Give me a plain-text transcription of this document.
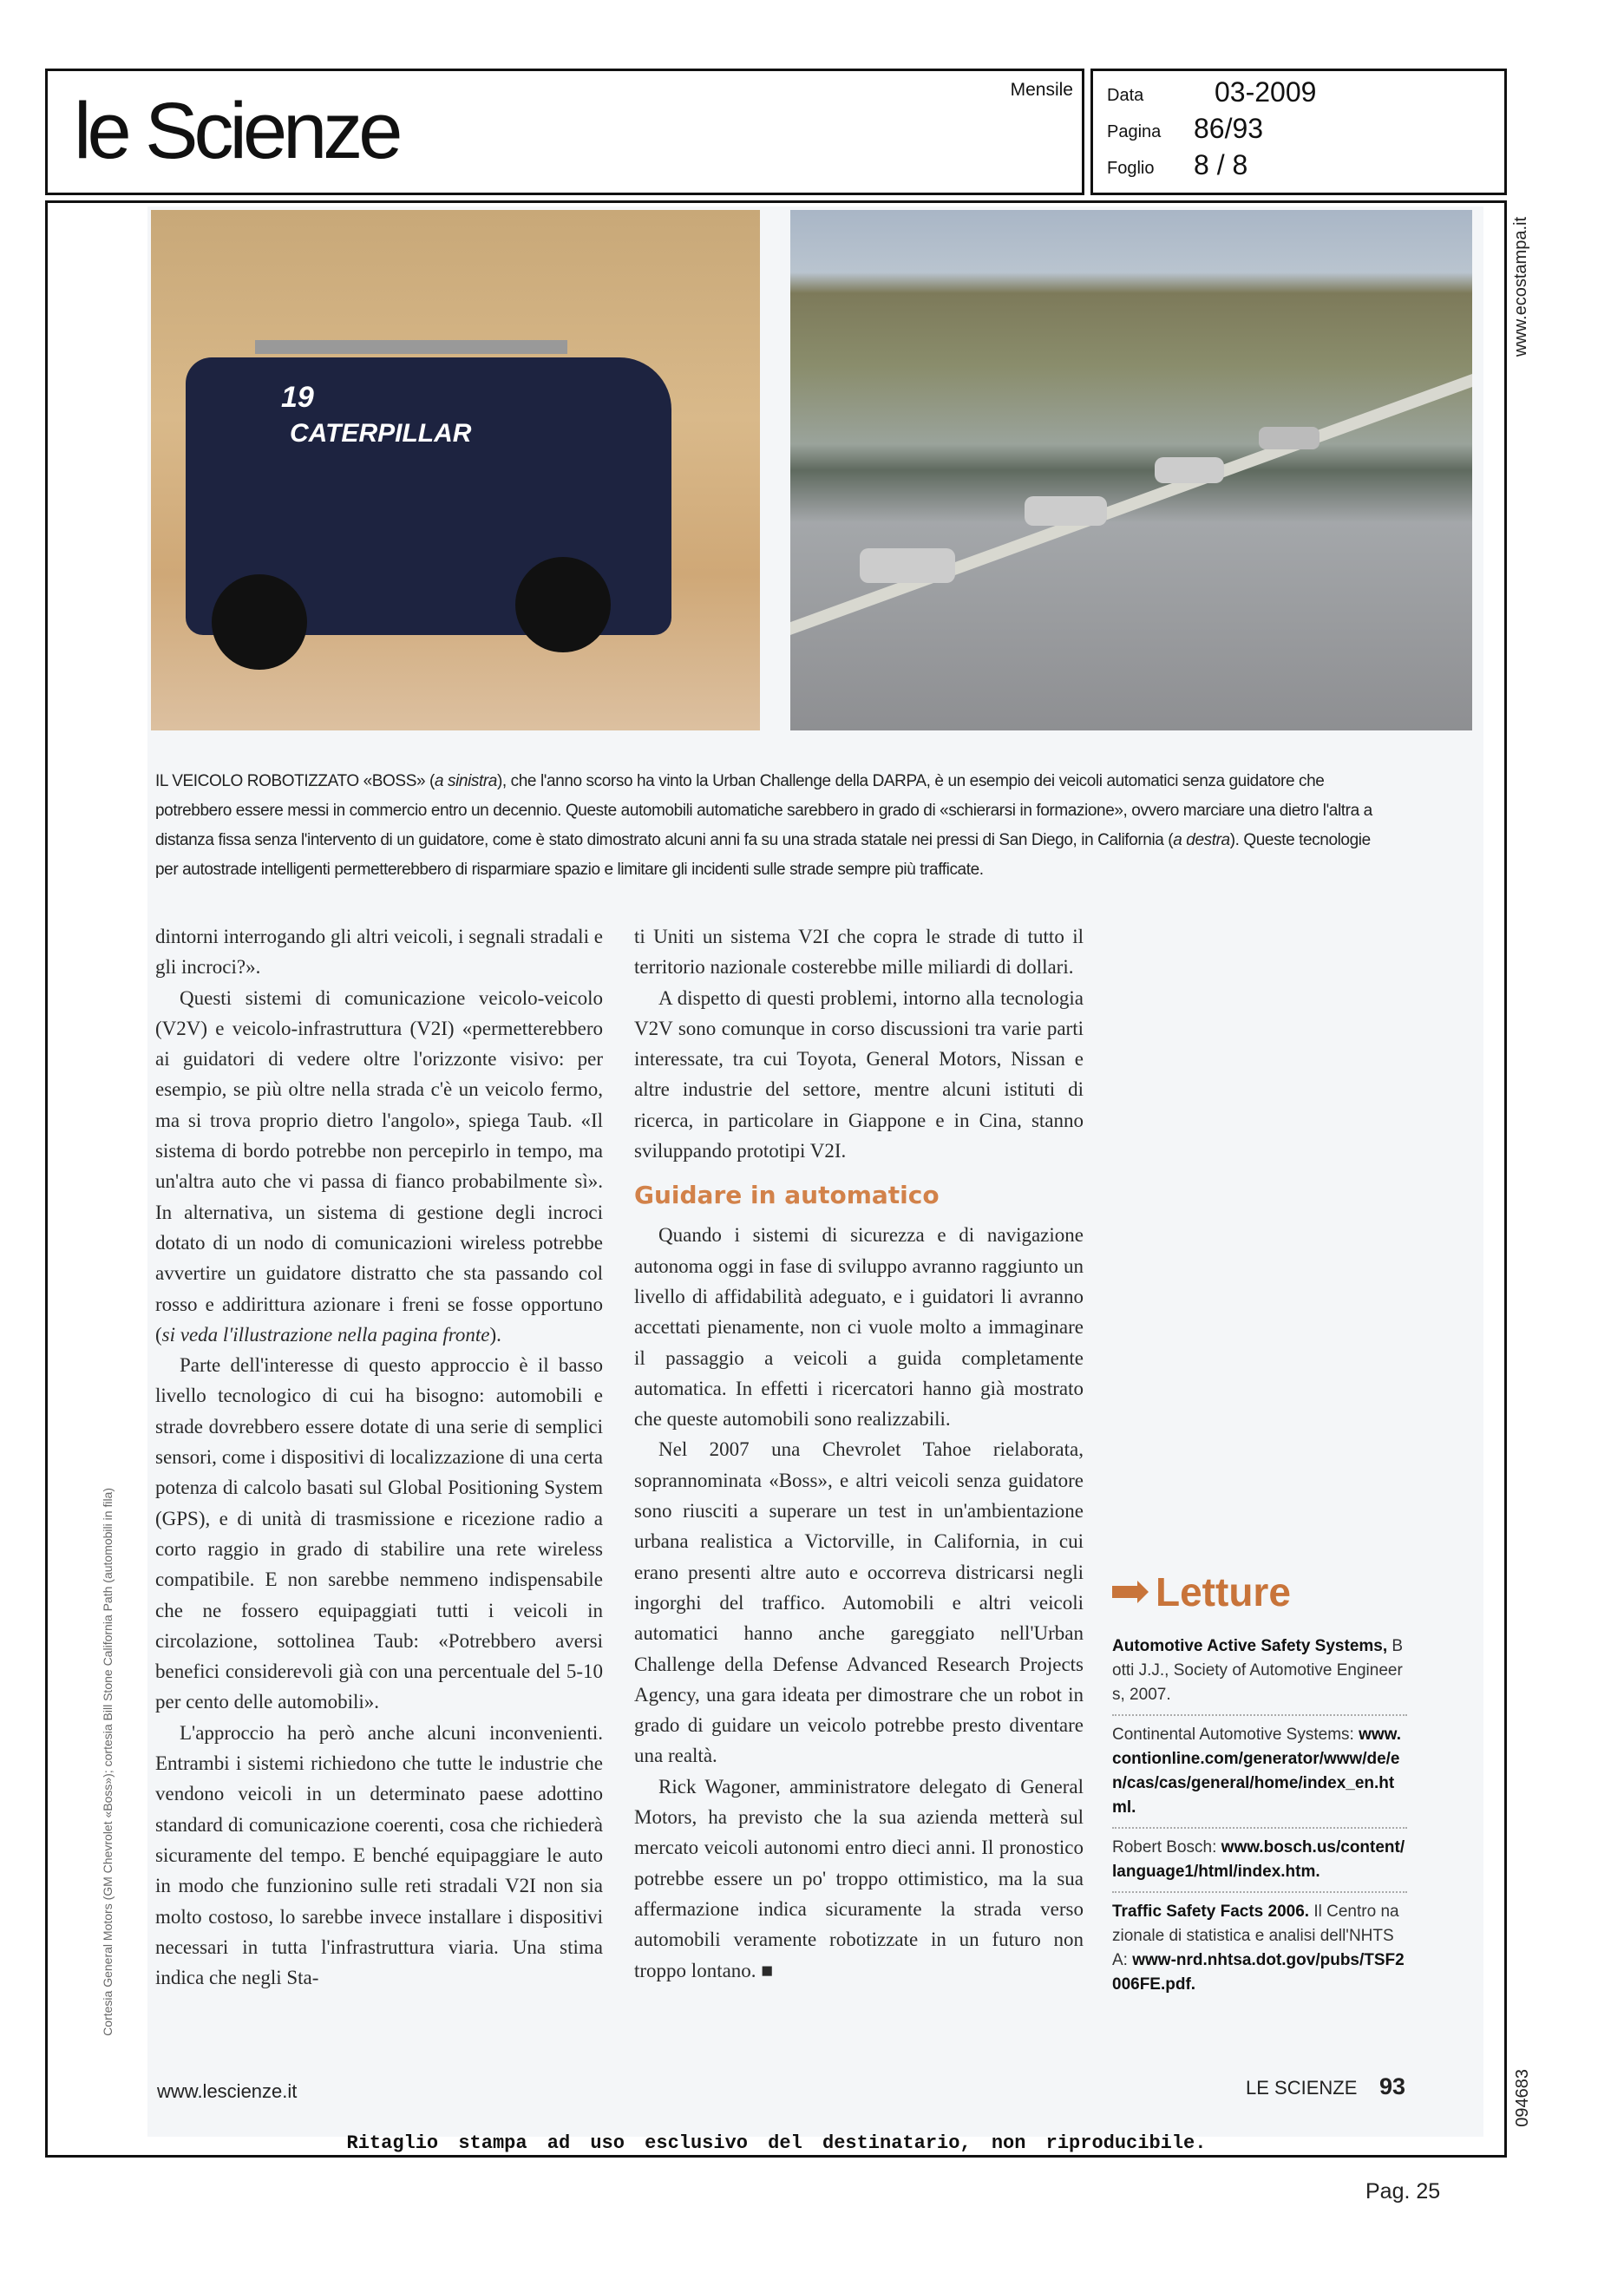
le Scienze	Mensile Data	03-2009
Pagina 86/93
Foglio 8 / 8
19
CATERPILLAR
IL VEICOLO ROBOTIZZATO «BOSS» (a sinistra), che l'anno scorso ha vinto la Urban Challenge della DARPA, è un esempio dei veicoli automatici senza guidatore che potrebbero essere messi in commercio entro un decennio. Queste automobili automatiche sarebbero in grado di «schierarsi in formazione», ovvero marciare una dietro l'altra a distanza fissa senza l'intervento di un guidatore, come è stato dimostrato alcuni anni fa su una strada statale nei pressi di San Diego, in California (a destra). Queste tecnologie per autostrade intelligenti permetterebbero di risparmiare spazio e limitare gli incidenti sulle strade sempre più trafficate.

dintorni interrogando gli altri veicoli, i segnali stradali e gli incroci?».

Questi sistemi di comunicazione veicolo-veicolo (V2V) e veicolo-infrastruttura (V2I) «permetterebbero ai guidatori di vedere oltre l'orizzonte visivo: per esempio, se più oltre nella strada c'è un veicolo fermo, ma si trova proprio dietro l'angolo», spiega Taub. «Il sistema di bordo potrebbe non percepirlo in tempo, ma un'altra auto che vi passa di fianco probabilmente sì». In alternativa, un sistema di gestione degli incroci dotato di un nodo di comunicazioni wireless potrebbe avvertire un guidatore distratto che sta passando col rosso e addirittura azionare i freni se fosse opportuno (si veda l'illustrazione nella pagina fronte).

Parte dell'interesse di questo approccio è il basso livello tecnologico di cui ha bisogno: automobili e strade dovrebbero essere dotate di una serie di semplici sensori, come i dispositivi di localizzazione di una certa potenza di calcolo basati sul Global Positioning System (GPS), e di unità di trasmissione e ricezione radio a corto raggio in grado di stabilire una rete wireless compatibile. E non sarebbe nemmeno indispensabile che ne fossero equipaggiati tutti i veicoli in circolazione, sottolinea Taub: «Potrebbero aversi benefici considerevoli già con una percentuale del 5-10 per cento delle automobili».

L'approccio ha però anche alcuni inconvenienti. Entrambi i sistemi richiedono che tutte le industrie che vendono veicoli in un determinato paese adottino standard di comunicazione coerenti, cosa che richiederà sicuramente del tempo. E benché equipaggiare le auto in modo che funzionino sulle reti stradali V2I non sia molto costoso, lo sarebbe invece installare i dispositivi necessari in tutta l'infrastruttura viaria. Una stima indica che negli Sta-

ti Uniti un sistema V2I che copra le strade di tutto il territorio nazionale costerebbe mille miliardi di dollari.

A dispetto di questi problemi, intorno alla tecnologia V2V sono comunque in corso discussioni tra varie parti interessate, tra cui Toyota, General Motors, Nissan e altre industrie del settore, mentre alcuni istituti di ricerca, in particolare in Giappone e in Cina, stanno sviluppando prototipi V2I.

Guidare in automatico

Quando i sistemi di sicurezza e di navigazione autonoma oggi in fase di sviluppo avranno raggiunto un livello di affidabilità adeguato, e i guidatori li avranno accettati pienamente, non ci vuole molto a immaginare il passaggio a veicoli a guida completamente automatica. In effetti i ricercatori hanno già mostrato che queste automobili sono realizzabili.

Nel 2007 una Chevrolet Tahoe rielaborata, soprannominata «Boss», e altri veicoli senza guidatore sono riusciti a superare un test in un'ambientazione urbana realistica a Victorville, in California, in cui erano presenti altre auto e occorreva districarsi negli ingorghi del traffico. Automobili e altri veicoli automatici hanno anche gareggiato nell'Urban Challenge della Defense Advanced Research Projects Agency, una gara ideata per dimostrare che un robot in grado di guidare un veicolo potrebbe presto diventare una realtà.

Rick Wagoner, amministratore delegato di General Motors, ha previsto che la sua azienda metterà sul mercato veicoli autonomi entro dieci anni. Il pronostico potrebbe essere un po' troppo ottimistico, ma la sua affermazione indica sicuramente la strada verso automobili veramente robotizzate in un futuro non troppo lontano. ■

Letture
Automotive Active Safety Systems, Botti J.J., Society of Automotive Engineers, 2007.
Continental Automotive Systems: www.contionline.com/generator/www/de/en/cas/cas/general/home/index_en.html.
Robert Bosch: www.bosch.us/content/language1/html/index.htm.
Traffic Safety Facts 2006. Il Centro nazionale di statistica e analisi dell'NHTSA: www-nrd.nhtsa.dot.gov/pubs/TSF2006FE.pdf.
www.ecostampa.it
094683
Cortesia General Motors (GM Chevrolet «Boss»); cortesia Bill Stone California Path (automobili in fila)
www.lescienze.it	LE SCIENZE 93
Ritaglio stampa ad uso esclusivo del destinatario, non riproducibile.
Pag. 25
